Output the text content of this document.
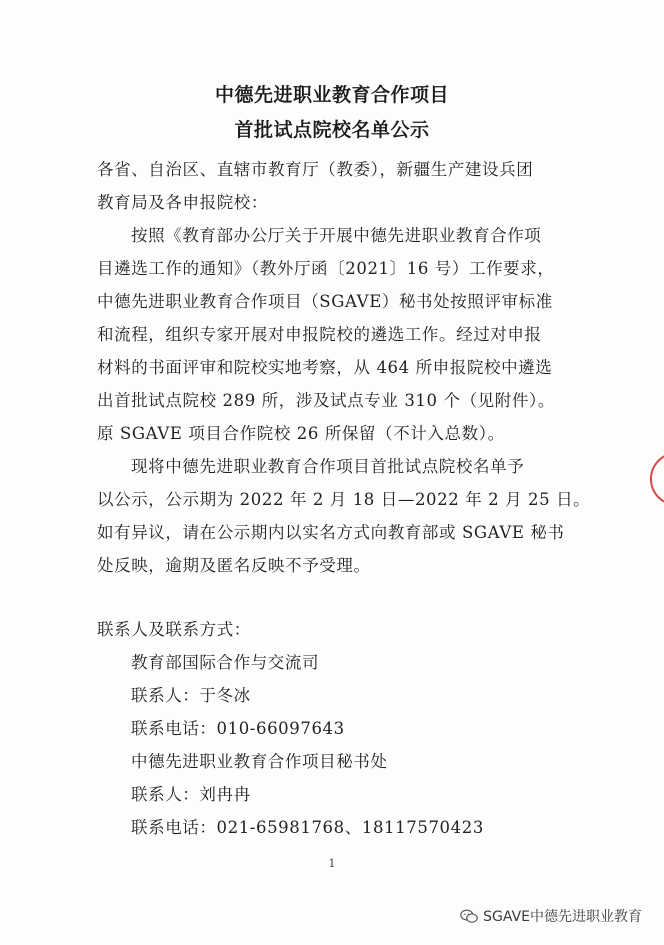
中德先进职业教育合作项目
首批试点院校名单公示
各省、自治区、直辖市教育厅（教委），新疆生产建设兵团
教育局及各申报院校：
按照《教育部办公厅关于开展中德先进职业教育合作项
目遴选工作的通知》（教外厅函〔2021〕16 号）工作要求，
中德先进职业教育合作项目（SGAVE）秘书处按照评审标准
和流程，组织专家开展对申报院校的遴选工作。经过对申报
材料的书面评审和院校实地考察，从 464 所申报院校中遴选
出首批试点院校 289 所，涉及试点专业 310 个（见附件）。
原 SGAVE 项目合作院校 26 所保留（不计入总数）。
现将中德先进职业教育合作项目首批试点院校名单予
以公示，公示期为 2022 年 2 月 18 日—2022 年 2 月 25 日。
如有异议，请在公示期内以实名方式向教育部或 SGAVE 秘书
处反映，逾期及匿名反映不予受理。
联系人及联系方式：
教育部国际合作与交流司
联系人：于冬冰
联系电话：010-66097643
中德先进职业教育合作项目秘书处
联系人：刘冉冉
联系电话：021-65981768、18117570423
1
SGAVE中德先进职业教育
